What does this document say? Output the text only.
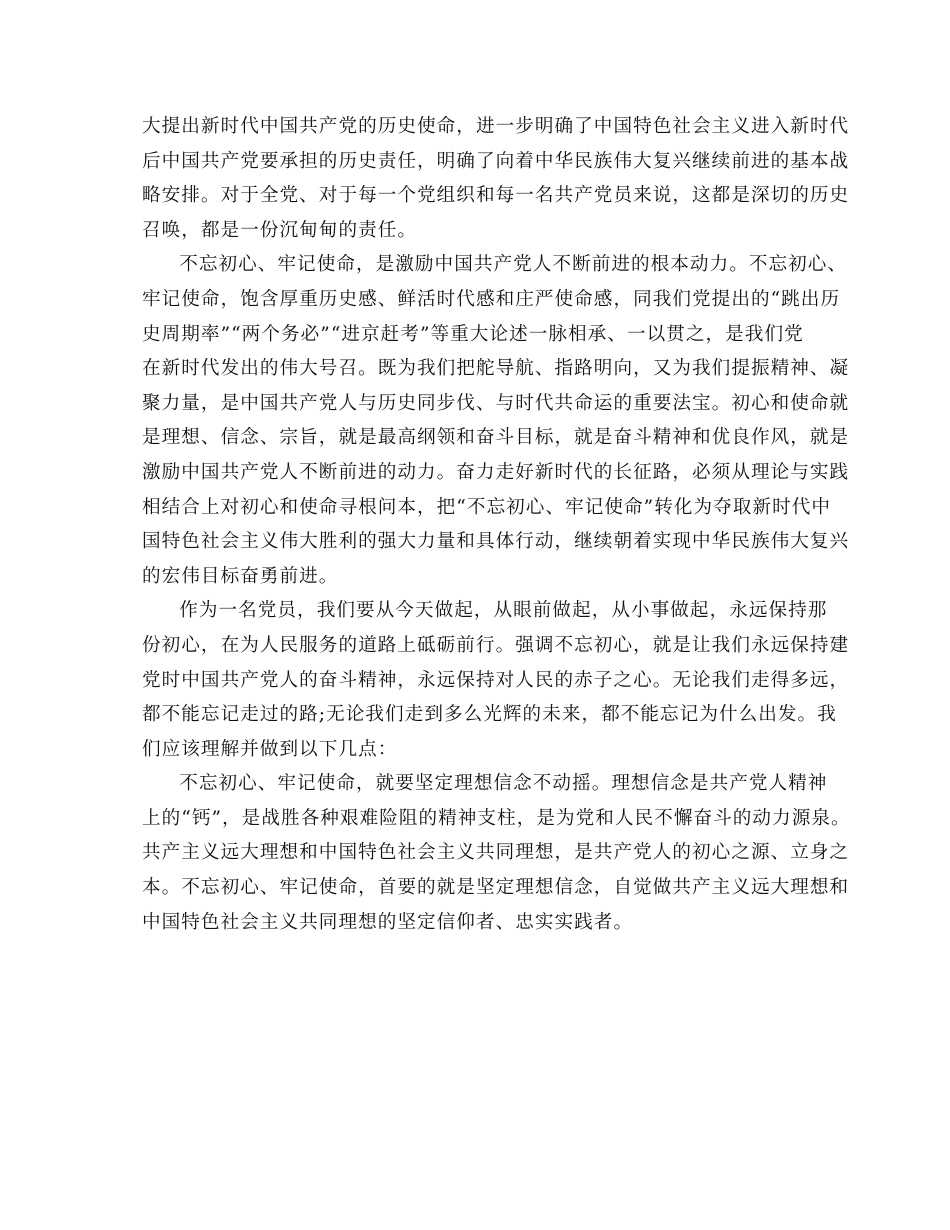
大提出新时代中国共产党的历史使命，进一步明确了中国特色社会主义进入新时代
后中国共产党要承担的历史责任，明确了向着中华民族伟大复兴继续前进的基本战
略安排。对于全党、对于每一个党组织和每一名共产党员来说，这都是深切的历史
召唤，都是一份沉甸甸的责任。
不忘初心、牢记使命，是激励中国共产党人不断前进的根本动力。不忘初心、
牢记使命，饱含厚重历史感、鲜活时代感和庄严使命感，同我们党提出的“跳出历
史周期率”“两个务必”“进京赶考”等重大论述一脉相承、一以贯之，是我们党
在新时代发出的伟大号召。既为我们把舵导航、指路明向，又为我们提振精神、凝
聚力量，是中国共产党人与历史同步伐、与时代共命运的重要法宝。初心和使命就
是理想、信念、宗旨，就是最高纲领和奋斗目标，就是奋斗精神和优良作风，就是
激励中国共产党人不断前进的动力。奋力走好新时代的长征路，必须从理论与实践
相结合上对初心和使命寻根问本，把“不忘初心、牢记使命”转化为夺取新时代中
国特色社会主义伟大胜利的强大力量和具体行动，继续朝着实现中华民族伟大复兴
的宏伟目标奋勇前进。
作为一名党员，我们要从今天做起，从眼前做起，从小事做起，永远保持那
份初心，在为人民服务的道路上砥砺前行。强调不忘初心，就是让我们永远保持建
党时中国共产党人的奋斗精神，永远保持对人民的赤子之心。无论我们走得多远，
都不能忘记走过的路;无论我们走到多么光辉的未来，都不能忘记为什么出发。我
们应该理解并做到以下几点：
不忘初心、牢记使命，就要坚定理想信念不动摇。理想信念是共产党人精神
上的“钙”，是战胜各种艰难险阻的精神支柱，是为党和人民不懈奋斗的动力源泉。
共产主义远大理想和中国特色社会主义共同理想，是共产党人的初心之源、立身之
本。不忘初心、牢记使命，首要的就是坚定理想信念，自觉做共产主义远大理想和
中国特色社会主义共同理想的坚定信仰者、忠实实践者。
